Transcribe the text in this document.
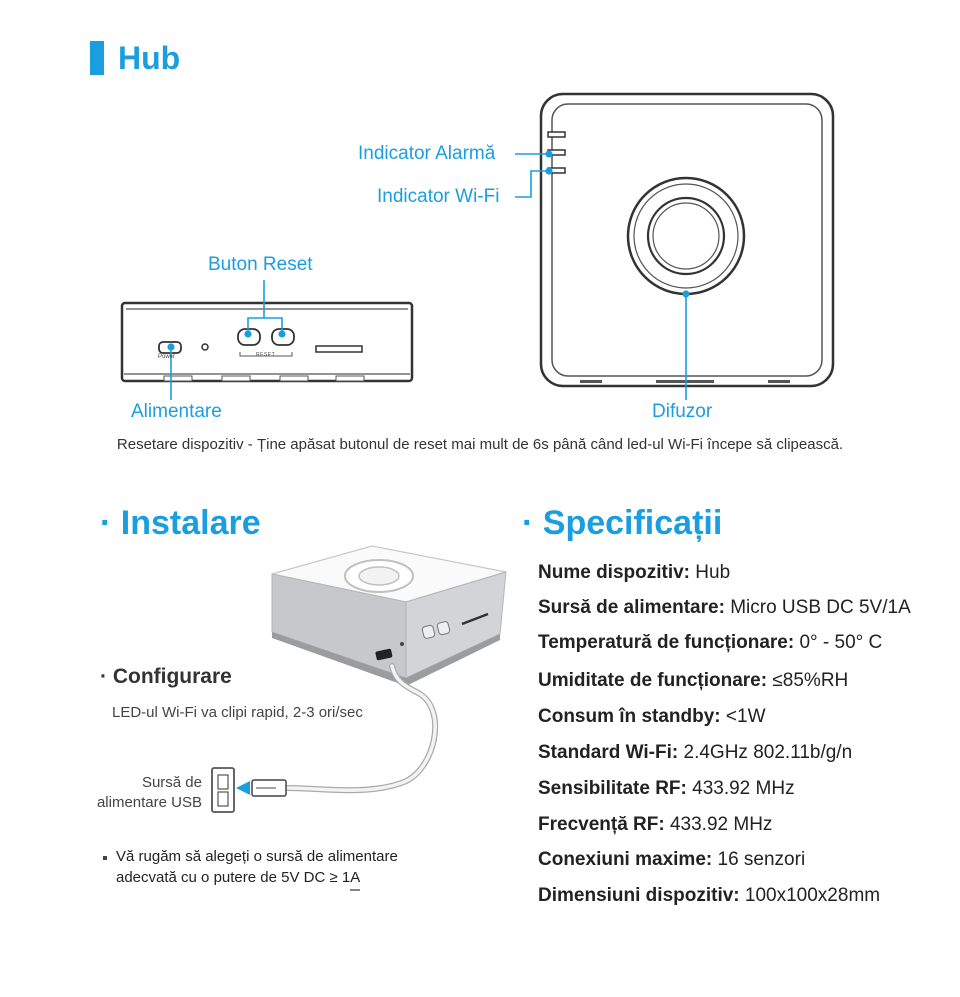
Hub
Indicator Alarmă
Indicator Wi-Fi
Buton Reset
Alimentare	Difuzor
Power	RESET
Resetare dispozitiv - Ține apăsat butonul de reset mai mult de 6s până când led-ul Wi-Fi începe să clipească.
· Instalare
· Configurare
LED-ul Wi-Fi va clipi rapid, 2-3 ori/sec
Sursă de
alimentare USB
Vă rugăm să alegeți o sursă de alimentare
adecvată cu o putere de 5V DC ≥ 1A
· Specificații
Nume dispozitiv: Hub
Sursă de alimentare: Micro USB DC 5V/1A
Temperatură de funcționare: 0° - 50° C
Umiditate de funcționare: ≤85%RH
Consum în standby: <1W
Standard Wi-Fi: 2.4GHz 802.11b/g/n
Sensibilitate RF: 433.92 MHz
Frecvență RF: 433.92 MHz
Conexiuni maxime: 16 senzori
Dimensiuni dispozitiv: 100x100x28mm
